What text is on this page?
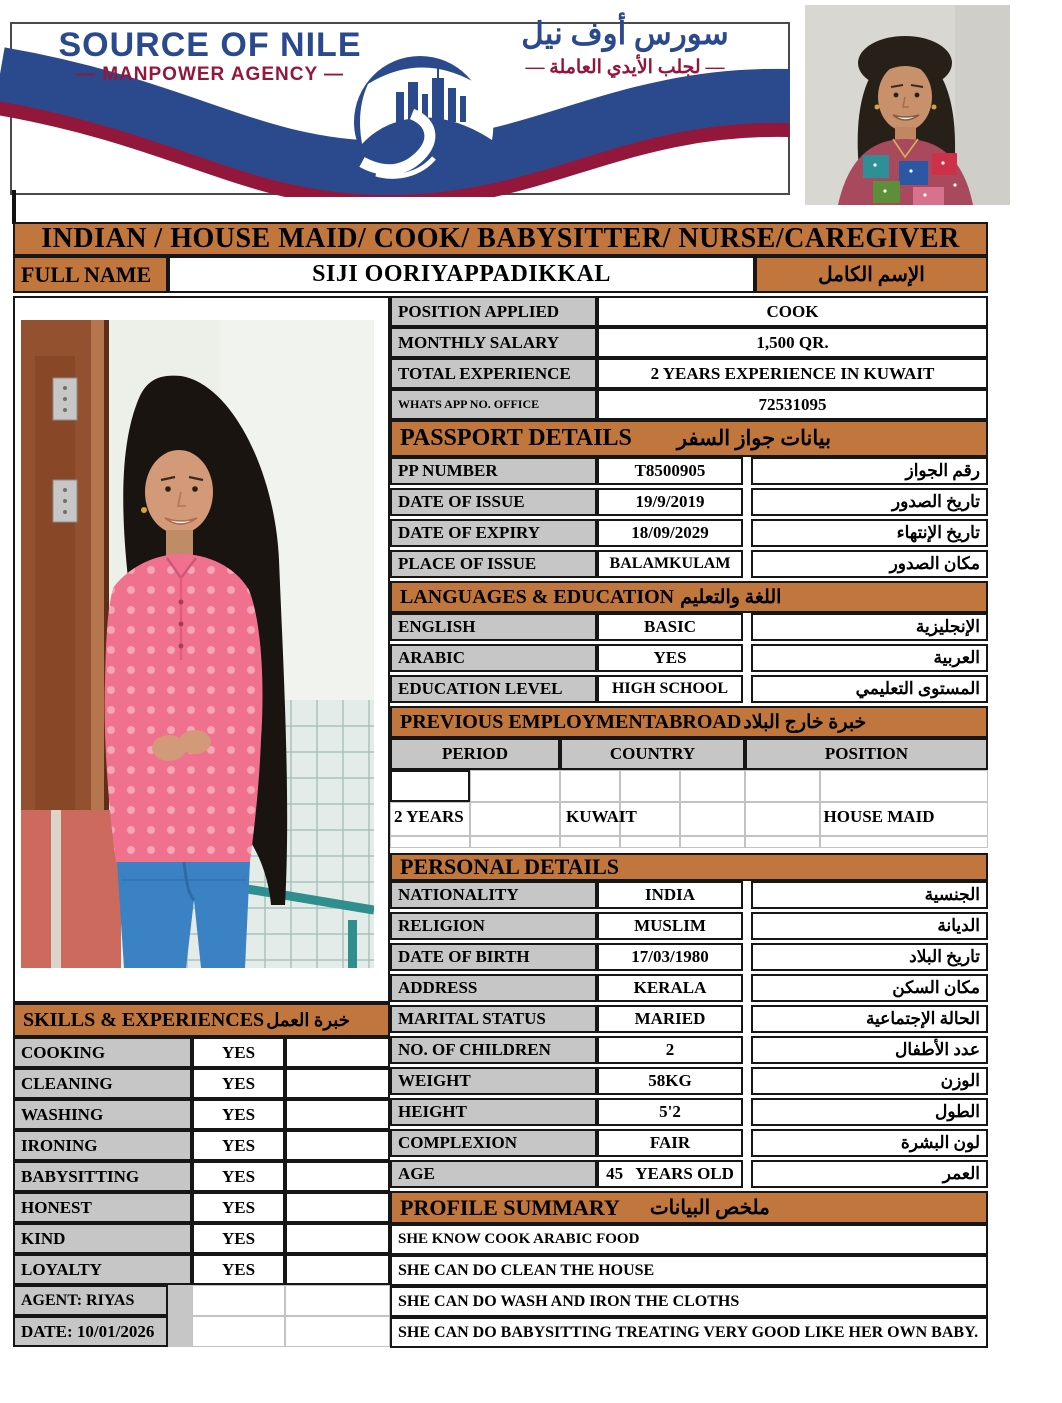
SOURCE OF NILE
— MANPOWER AGENCY —
سورس أوف نيل
— لجلب الأيدي العاملة —
INDIAN / HOUSE MAID/ COOK/ BABYSITTER/ NURSE/CAREGIVER
FULL NAME	SIJI OORIYAPPADIKKAL	الإسم الكامل
SKILLS & EXPERIENCES خبرة العمل
COOKING	YES
CLEANING	YES
WASHING	YES
IRONING	YES
BABYSITTING	YES
HONEST	YES
KIND	YES
LOYALTY	YES
AGENT: RIYAS
DATE: 10/01/2026
POSITION APPLIED	COOK
MONTHLY SALARY	1,500 QR.
TOTAL EXPERIENCE	2 YEARS EXPERIENCE IN KUWAIT
WHATS APP NO. OFFICE	72531095
PASSPORT DETAILS بيانات جواز السفر
PP NUMBER	T8500905	رقم الجواز
DATE OF ISSUE	19/9/2019	تاريخ الصدور
DATE OF EXPIRY	18/09/2029	تاريخ الإنتهاء
PLACE OF ISSUE	BALAMKULAM	مكان الصدور
LANGUAGES & EDUCATION اللغة والتعليم
ENGLISH	BASIC	الإنجليزية
ARABIC	YES	العربية
EDUCATION LEVEL	HIGH SCHOOL	المستوى التعليمي
PREVIOUS EMPLOYMENTABROAD خبرة خارج البلاد
PERIOD	COUNTRY	POSITION
2 YEARS	KUWAIT	HOUSE MAID
PERSONAL DETAILS
NATIONALITY	INDIA	الجنسية
RELIGION	MUSLIM	الديانة
DATE OF BIRTH	17/03/1980	تاريخ البلاد
ADDRESS	KERALA	مكان السكن
MARITAL STATUS	MARIED	الحالة الإجتماعية
NO. OF CHILDREN	2	عدد الأطفال
WEIGHT	58KG	الوزن
HEIGHT	5'2	الطول
COMPLEXION	FAIR	لون البشرة
AGE	45   YEARS OLD	العمر
PROFILE SUMMARY ملخص البيانات
SHE KNOW COOK ARABIC FOOD
SHE CAN DO CLEAN THE HOUSE
SHE CAN DO WASH AND IRON THE CLOTHS
SHE CAN DO BABYSITTING TREATING VERY GOOD LIKE HER OWN BABY.
